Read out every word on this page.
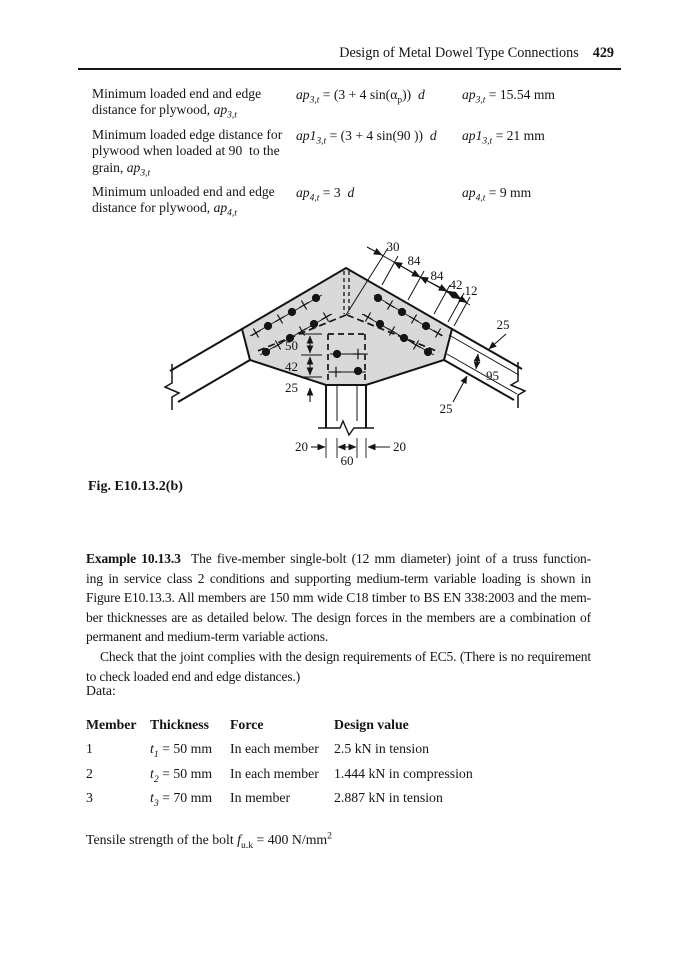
Design of Metal Dowel Type Connections 429
Minimum loaded end and edge
distance for plywood, $ap_{3,t}$
$ap_{3,t} = (3 + 4$ $\sin(\alpha_p)$)  d	$ap_{3,t} = 15.54$ mm
Minimum loaded edge distance for
plywood when loaded at 90  to the
grain, $ap_{3,t}$
$ap1_{3,t} = (3 + 4$ sin(90 ))  d $ap1_{3,t} = 21$ mm
Minimum unloaded end and edge
distance for plywood, $ap_{4,t}$
$ap_{4,t} = 3$  d	$ap_{4,t} = 9$ mm
30
84
84
42 12
25
95
25
50
42
25
20
60
20
Fig. E10.13.2(b)
Example 10.13.3  The five-member single-bolt (12 mm diameter) joint of a truss function-
ing in service class 2 conditions and supporting medium-term variable loading is shown in
Figure E10.13.3. All members are 150 mm wide C18 timber to BS EN 338:2003 and the mem-
ber thicknesses are as detailed below. The design forces in the members are a combination of
permanent and medium-term variable actions.
Check that the joint complies with the design requirements of EC5. (There is no requirement
to check loaded end and edge distances.)
Data:
Member Thickness	Force	Design value
1	$t_1 = 50$ mm	In each member	2.5 kN in tension
2	$t_2 = 50$ mm	In each member	1.444 kN in compression
3	$t_3 = 70$ mm	In member	2.887 kN in tension
Tensile strength of the bolt $f_{u.k} = 400$ $N/mm^2$
